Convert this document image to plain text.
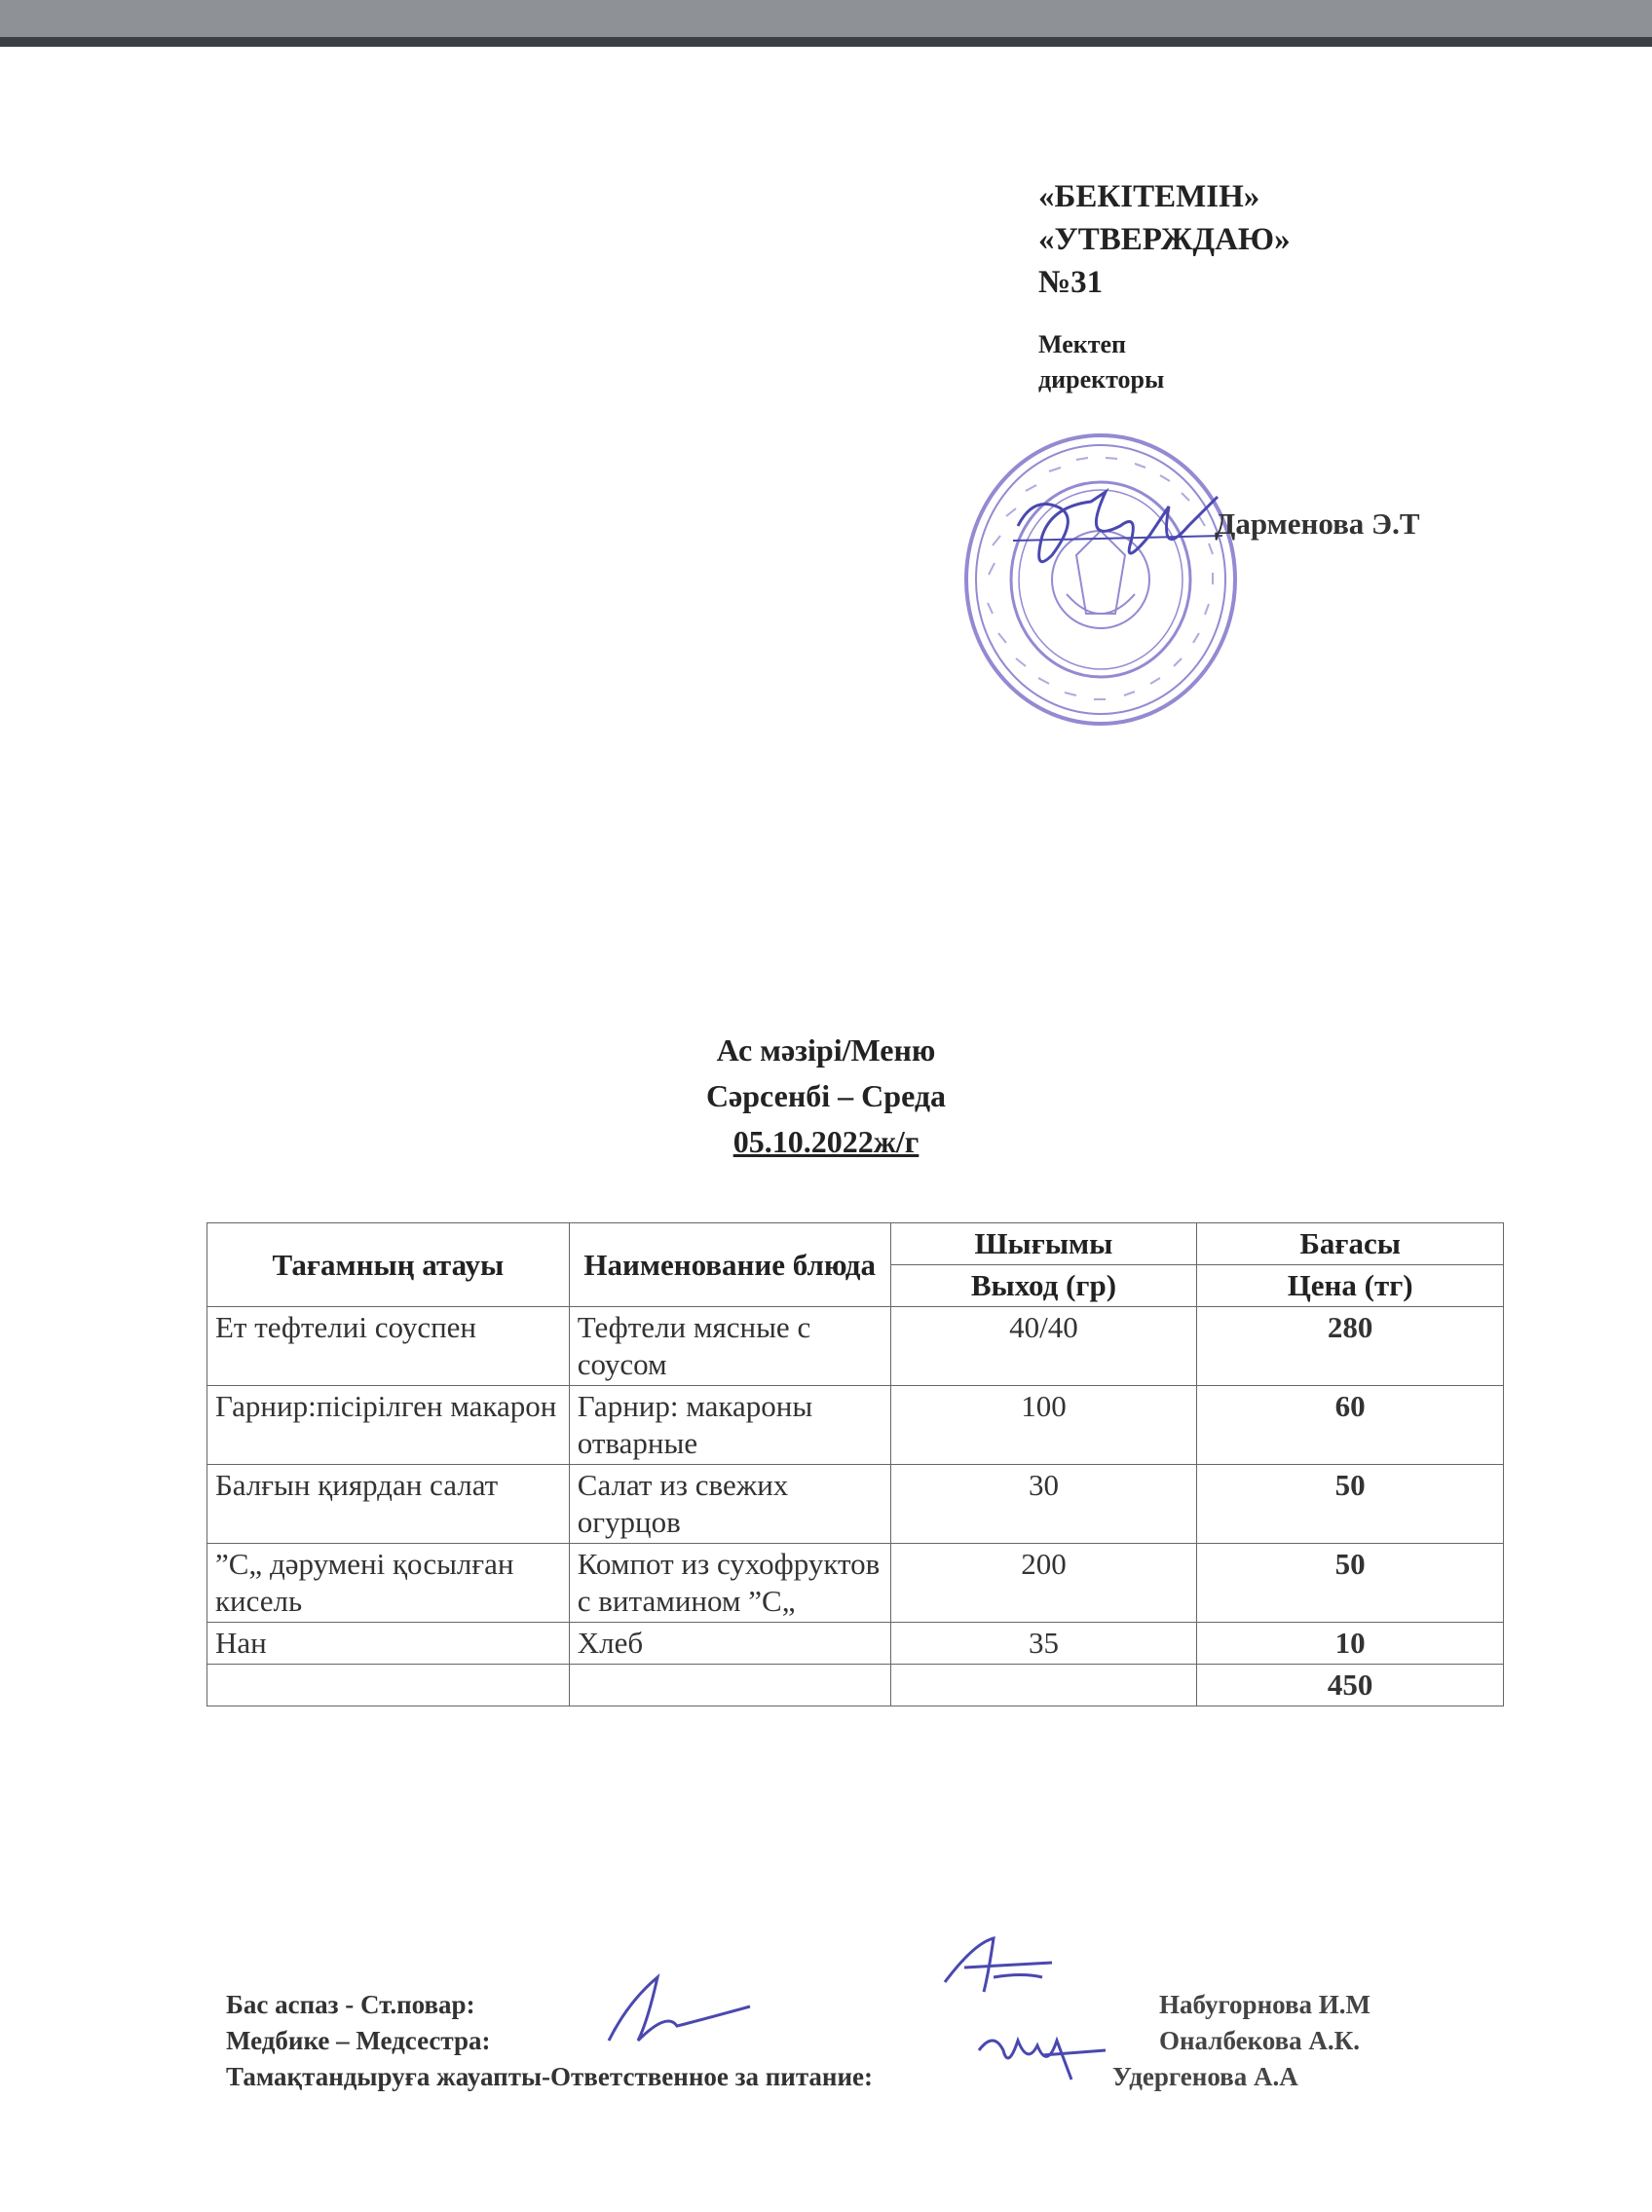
«БЕКІТЕМІН»
«УТВЕРЖДАЮ»
№31
Мектеп
директоры
Дарменова Э.Т
Ас мәзірі/Меню
Сәрсенбі – Среда
05.10.2022ж/г
Тағамның атауы	Наименование блюда	Шығымы	Бағасы
		Выход (гр)	Цена (тг)
Ет тефтелиі соуспен	Тефтели мясные с соусом	40/40	280
Гарнир:пісірілген макарон	Гарнир: макароны отварные	100	60
Балғын қиярдан салат	Салат из свежих огурцов	30	50
”С„ дәрумені қосылған кисель	Компот из сухофруктов с витамином ”С„	200	50
Нан	Хлеб	35	10
			450
Бас аспаз - Ст.повар:
Медбике – Медсестра:
Тамақтандыруға жауапты-Ответственное за питание:
Набугорнова И.М
Оналбекова А.К.
Удергенова А.А
